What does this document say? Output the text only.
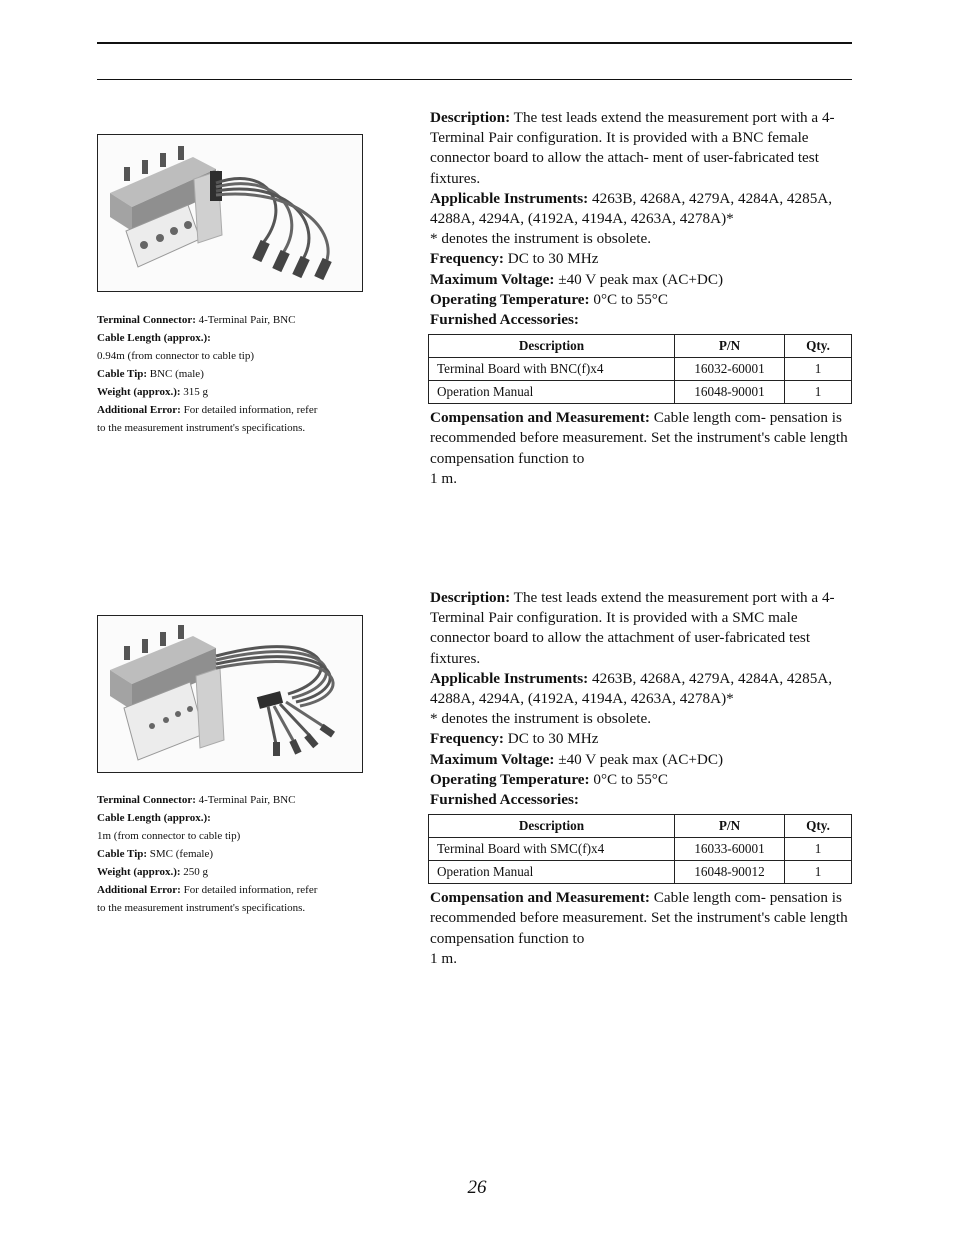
Terminal Connector: 4-Terminal Pair, BNC
Cable Length (approx.):
0.94m (from connector to cable tip)
Cable Tip: BNC (male)
Weight (approx.): 315 g
Additional Error: For detailed information, refer
to the measurement instrument's specifications.

Description: The test leads extend the measurement port with a 4-Terminal Pair configuration. It is provided with a BNC female connector board to allow the attach- ment of user-fabricated test fixtures.

Applicable Instruments: 4263B, 4268A, 4279A, 4284A, 4285A, 4288A, 4294A, (4192A, 4194A, 4263A, 4278A)*

* denotes the instrument is obsolete.

Frequency: DC to 30 MHz

Maximum Voltage: ±40 V peak max (AC+DC)

Operating Temperature: 0°C to 55°C

Furnished Accessories:

Description	P/N	Qty.
Terminal Board with BNC(f)x4	16032-60001	1
Operation Manual	16048-90001	1

Compensation and Measurement: Cable length com- pensation is recommended before measurement. Set the instrument's cable length compensation function to

1 m.

Terminal Connector: 4-Terminal Pair, BNC
Cable Length (approx.):
1m (from connector to cable tip)
Cable Tip: SMC (female)
Weight (approx.): 250 g
Additional Error: For detailed information, refer
to the measurement instrument's specifications.

Description: The test leads extend the measurement port with a 4-Terminal Pair configuration. It is provided with a SMC male connector board to allow the attachment of user-fabricated test fixtures.

Applicable Instruments: 4263B, 4268A, 4279A, 4284A, 4285A, 4288A, 4294A, (4192A, 4194A, 4263A, 4278A)*

* denotes the instrument is obsolete.

Frequency: DC to 30 MHz

Maximum Voltage: ±40 V peak max (AC+DC)

Operating Temperature: 0°C to 55°C

Furnished Accessories:

Description	P/N	Qty.
Terminal Board with SMC(f)x4	16033-60001	1
Operation Manual	16048-90012	1

Compensation and Measurement: Cable length com- pensation is recommended before measurement. Set the instrument's cable length compensation function to

1 m.

26
